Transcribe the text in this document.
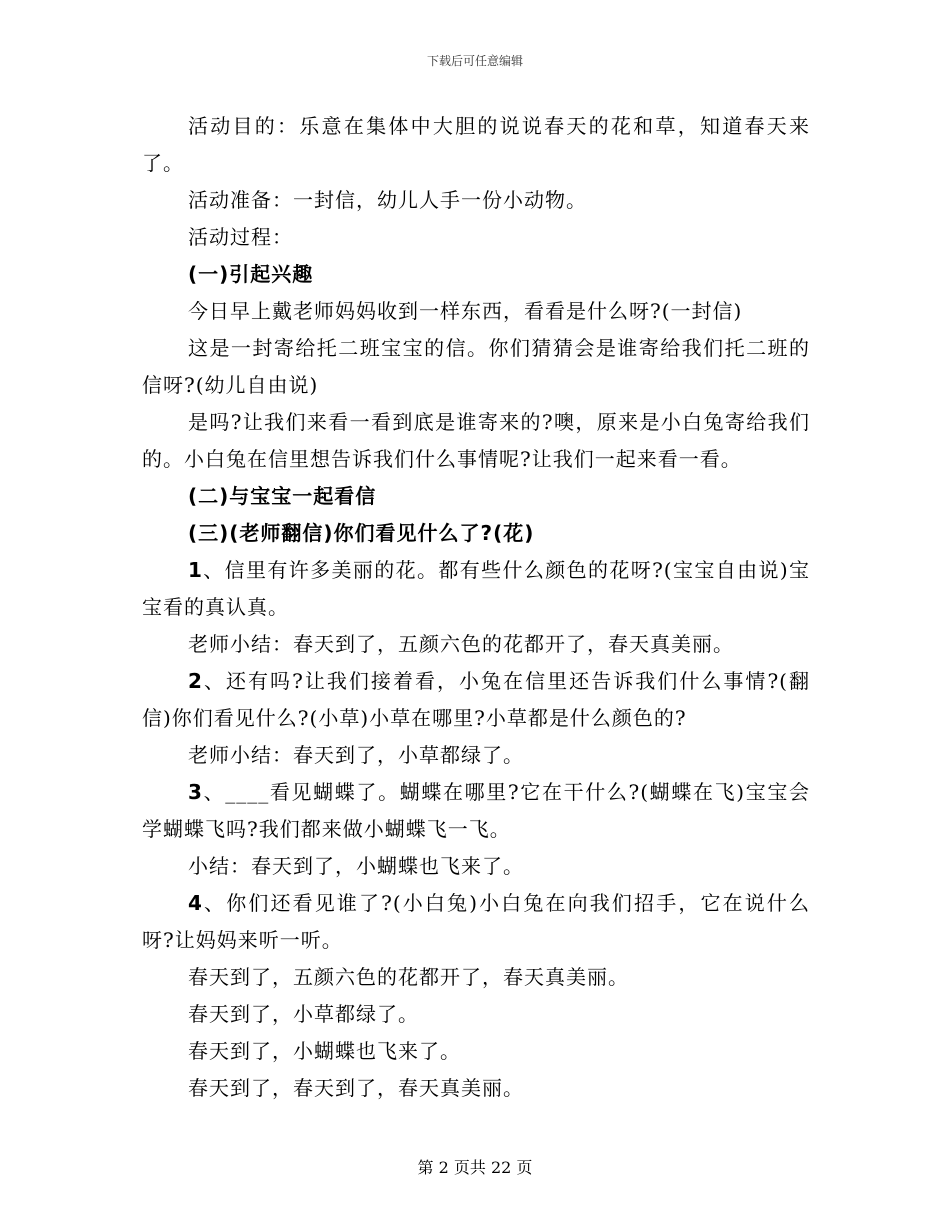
下载后可任意编辑

活动目的：乐意在集体中大胆的说说春天的花和草，知道春天来了。

活动准备：一封信，幼儿人手一份小动物。

活动过程：

(一)引起兴趣

今日早上戴老师妈妈收到一样东西，看看是什么呀?(一封信)

这是一封寄给托二班宝宝的信。你们猜猜会是谁寄给我们托二班的信呀?(幼儿自由说)

是吗?让我们来看一看到底是谁寄来的?噢，原来是小白兔寄给我们的。小白兔在信里想告诉我们什么事情呢?让我们一起来看一看。

(二)与宝宝一起看信

(三)(老师翻信)你们看见什么了?(花)

1、信里有许多美丽的花。都有些什么颜色的花呀?(宝宝自由说)宝宝看的真认真。

老师小结：春天到了，五颜六色的花都开了，春天真美丽。

2、还有吗?让我们接着看，小兔在信里还告诉我们什么事情?(翻信)你们看见什么?(小草)小草在哪里?小草都是什么颜色的?

老师小结：春天到了，小草都绿了。

3、____看见蝴蝶了。蝴蝶在哪里?它在干什么?(蝴蝶在飞)宝宝会学蝴蝶飞吗?我们都来做小蝴蝶飞一飞。

小结：春天到了，小蝴蝶也飞来了。

4、你们还看见谁了?(小白兔)小白兔在向我们招手，它在说什么呀?让妈妈来听一听。

春天到了，五颜六色的花都开了，春天真美丽。

春天到了，小草都绿了。

春天到了，小蝴蝶也飞来了。

春天到了，春天到了，春天真美丽。

第 2 页共 22 页
